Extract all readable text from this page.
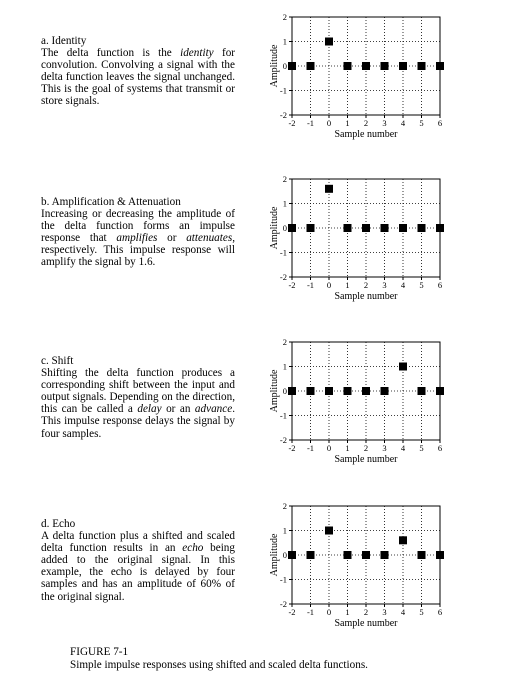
a. Identity
The delta function is the identity for convolution. Convolving a signal with the delta function leaves the signal unchanged. This is the goal of systems that transmit or store signals.
-2 -1 0 1 2 3 4 5 6
2
1
0
-1
-2
Sample number
Amplitude
b. Amplification & Attenuation
Increasing or decreasing the amplitude of the delta function forms an impulse response that amplifies or attenuates, respectively. This impulse response will amplify the signal by 1.6.
-2 -1 0 1 2 3 4 5 6
2
1
0
-1
-2
Sample number
Amplitude
c. Shift
Shifting the delta function produces a corresponding shift between the input and output signals. Depending on the direction, this can be called a delay or an advance. This impulse response delays the signal by four samples.
-2 -1 0 1 2 3 4 5 6
2
1
0
-1
-2
Sample number
Amplitude
d. Echo
A delta function plus a shifted and scaled delta function results in an echo being added to the original signal. In this example, the echo is delayed by four samples and has an amplitude of 60% of the original signal.
-2 -1 0 1 2 3 4 5 6
2
1
0
-1
-2
Sample number
Amplitude
FIGURE 7-1
Simple impulse responses using shifted and scaled delta functions.
